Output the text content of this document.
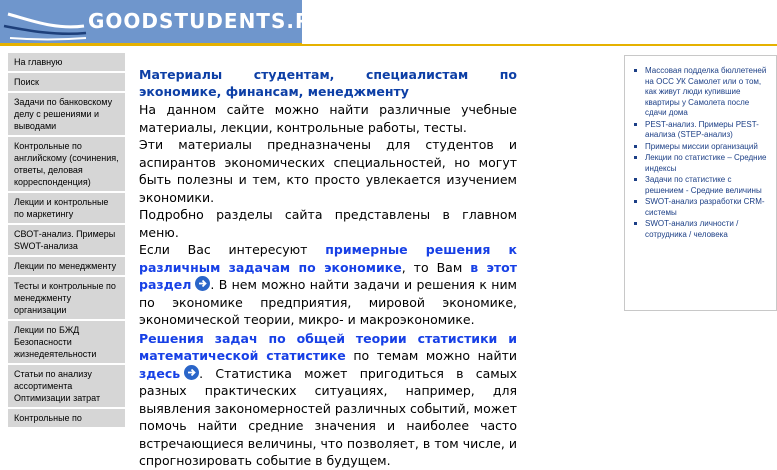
GOODSTUDENTS.RU
На главную
Поиск
Задачи по банковскому делу с решениями и выводами
Контрольные по английскому (сочинения, ответы, деловая корреспонденция)
Лекции и контрольные по маркетингу
СВОТ-анализ. Примеры SWOT-анализа
Лекции по менеджменту
Тесты и контрольные по менеджменту организации
Лекции по БЖД Безопасности жизнедеятельности
Статьи по анализу ассортимента Оптимизации затрат
Контрольные по
Материалы студентам, специалистам по экономике, финансам, менеджменту

На данном сайте можно найти различные учебные материалы, лекции, контрольные работы, тесты.

Эти материалы предназначены для студентов и аспирантов экономических специальностей, но могут быть полезны и тем, кто просто увлекается изучением экономики.

Подробно разделы сайта представлены в главном меню.

Если Вас интересуют примерные решения к различным задачам по экономике, то Вам в этот раздел . В нем можно найти задачи и решения к ним по экономике предприятия, мировой экономике, экономической теории, микро- и макроэкономике.

Решения задач по общей теории статистики и математической статистике по темам можно найти здесь . Статистика может пригодиться в самых разных практических ситуациях, например, для выявления закономерностей различных событий, может помочь найти средние значения и наиболее часто встречающиеся величины, что позволяет, в том числе, и спрогнозировать событие в будущем.

Массовая подделка бюллетеней на ОСС УК Самолет или о том, как живут люди купившие квартиры у Самолета после сдачи дома
PEST-анализ. Примеры PEST-анализа (STEP-анализ)
Примеры миссии организаций
Лекции по статистике – Средние индексы
Задачи по статистике с решением - Средние величины
SWOT-анализ разработки CRM-системы
SWOT-анализ личности / сотрудника / человека
